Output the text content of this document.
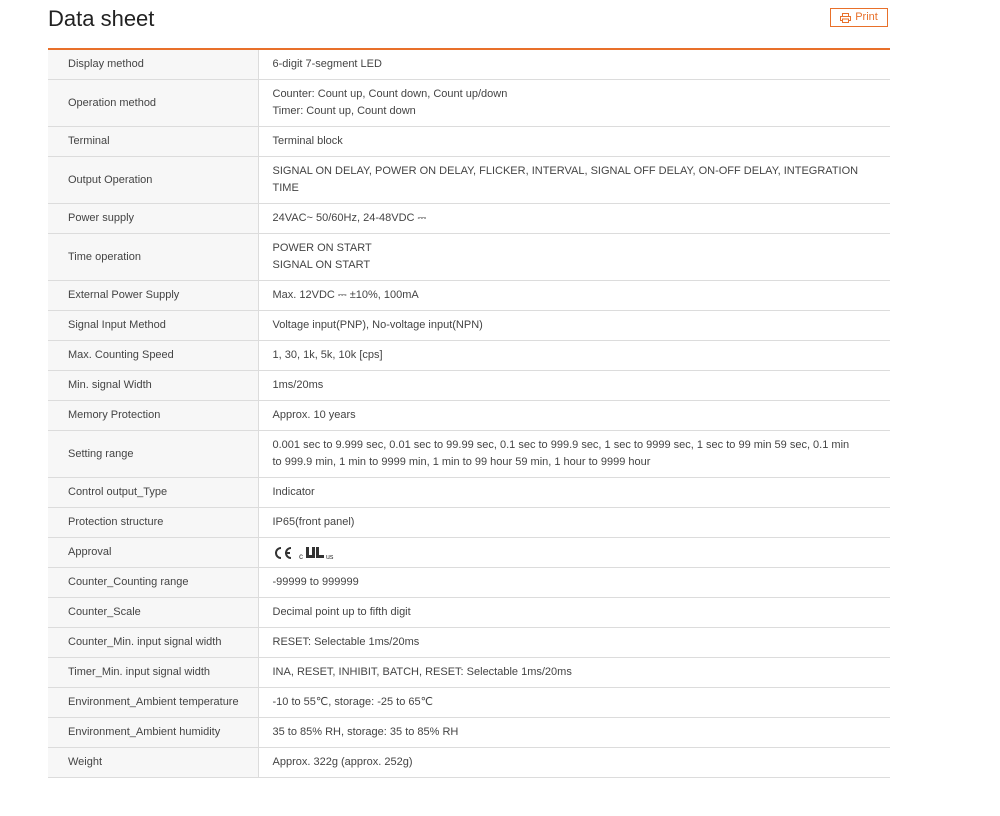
Data sheet	Print
Display method	6-digit 7-segment LED

Operation method	Counter: Count up, Count down, Count up/down
Timer: Count up, Count down

Terminal	Terminal block

Output Operation	SIGNAL ON DELAY, POWER ON DELAY, FLICKER, INTERVAL, SIGNAL OFF DELAY, ON-OFF DELAY, INTEGRATION
TIME

Power supply	24VAC~ 50/60Hz, 24-48VDC ⎓

Time operation	POWER ON START
SIGNAL ON START

External Power Supply	Max. 12VDC ⎓ ±10%, 100mA

Signal Input Method	Voltage input(PNP), No-voltage input(NPN)

Max. Counting Speed	1, 30, 1k, 5k, 10k [cps]

Min. signal Width	1ms/20ms

Memory Protection	Approx. 10 years

Setting range	0.001 sec to 9.999 sec, 0.01 sec to 99.99 sec, 0.1 sec to 999.9 sec, 1 sec to 9999 sec, 1 sec to 99 min 59 sec, 0.1 min
to 999.9 min, 1 min to 9999 min, 1 min to 99 hour 59 min, 1 hour to 9999 hour

Control output_Type	Indicator

Protection structure	IP65(front panel)

Approval	c us

Counter_Counting range	-99999 to 999999

Counter_Scale	Decimal point up to fifth digit

Counter_Min. input signal width	RESET: Selectable 1ms/20ms

Timer_Min. input signal width	INA, RESET, INHIBIT, BATCH, RESET: Selectable 1ms/20ms

Environment_Ambient temperature	-10 to 55℃, storage: -25 to 65℃

Environment_Ambient humidity	35 to 85% RH, storage: 35 to 85% RH

Weight	Approx. 322g (approx. 252g)
